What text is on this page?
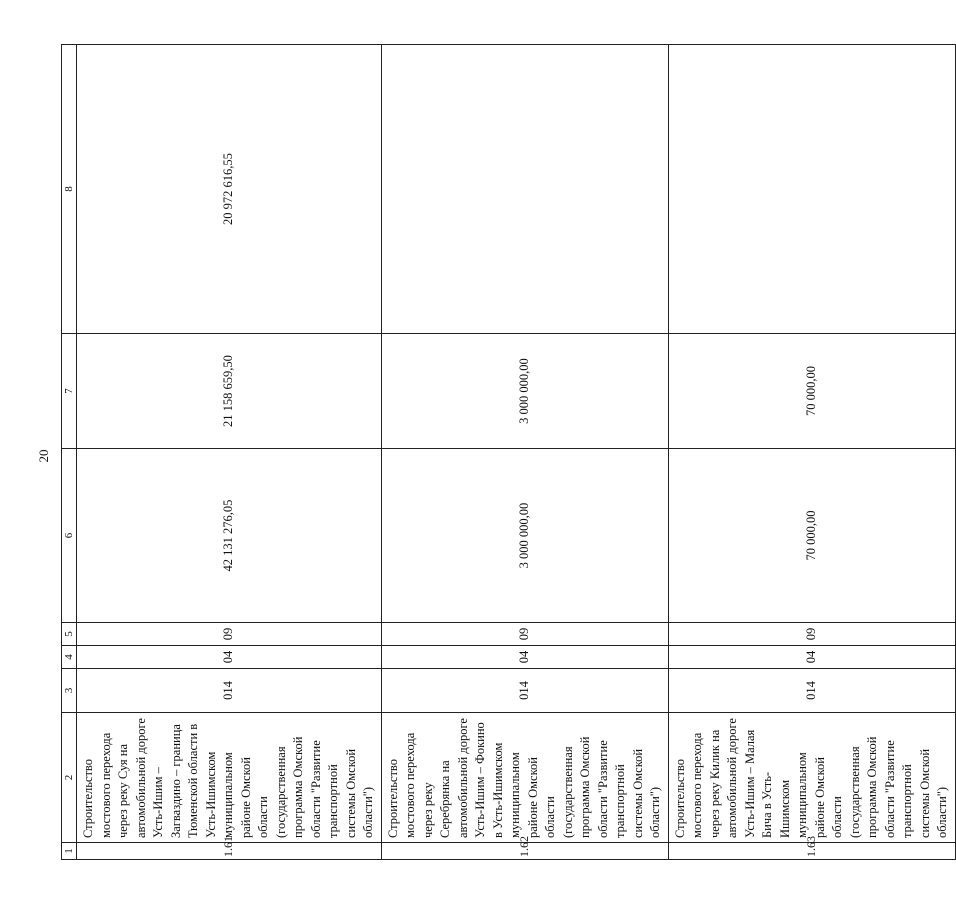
20
1	2	3	4	5	6	7	8
1.61	Строительство мостового перехода через реку Суя на автомобильной дороге Усть-Ишим – Загваздино – граница Тюменской области в Усть-Ишимском муниципальном районе Омской области (государственная программа Омской области "Развитие транспортной системы Омской области")	014	04	09	42 131 276,05	21 158 659,50	20 972 616,55
1.62	Строительство мостового перехода через реку Серебрянка на автомобильной дороге Усть-Ишим – Фокино в Усть-Ишимском муниципальном районе Омской области (государственная программа Омской области "Развитие транспортной системы Омской области")	014	04	09	3 000 000,00	3 000 000,00	
1.63	Строительство мостового перехода через реку Килик на автомобильной дороге Усть-Ишим – Малая Бича в Усть-Ишимском муниципальном районе Омской области (государственная программа Омской области "Развитие транспортной системы Омской области")	014	04	09	70 000,00	70 000,00	
